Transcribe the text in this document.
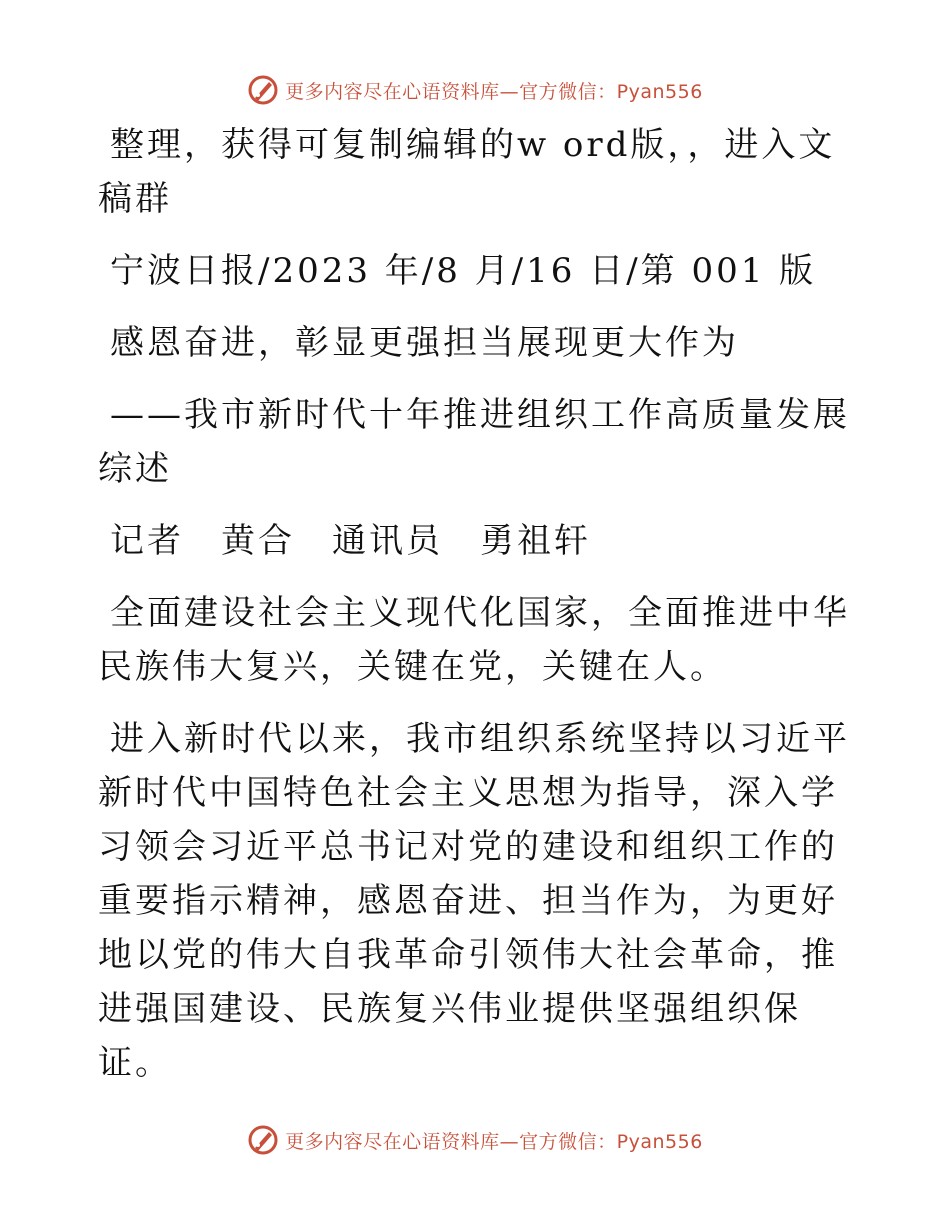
更多内容尽在心语资料库—官方微信：Pyan556

整理，获得可复制编辑的w ord版，，进入文稿群

宁波日报/2023 年/8 月/16 日/第 001 版

感恩奋进，彰显更强担当展现更大作为

——我市新时代十年推进组织工作高质量发展综述

记者　黄合　通讯员　勇祖轩

全面建设社会主义现代化国家，全面推进中华民族伟大复兴，关键在党，关键在人。

进入新时代以来，我市组织系统坚持以习近平新时代中国特色社会主义思想为指导，深入学习领会习近平总书记对党的建设和组织工作的重要指示精神，感恩奋进、担当作为，为更好地以党的伟大自我革命引领伟大社会革命，推进强国建设、民族复兴伟业提供坚强组织保证。

更多内容尽在心语资料库—官方微信：Pyan556
